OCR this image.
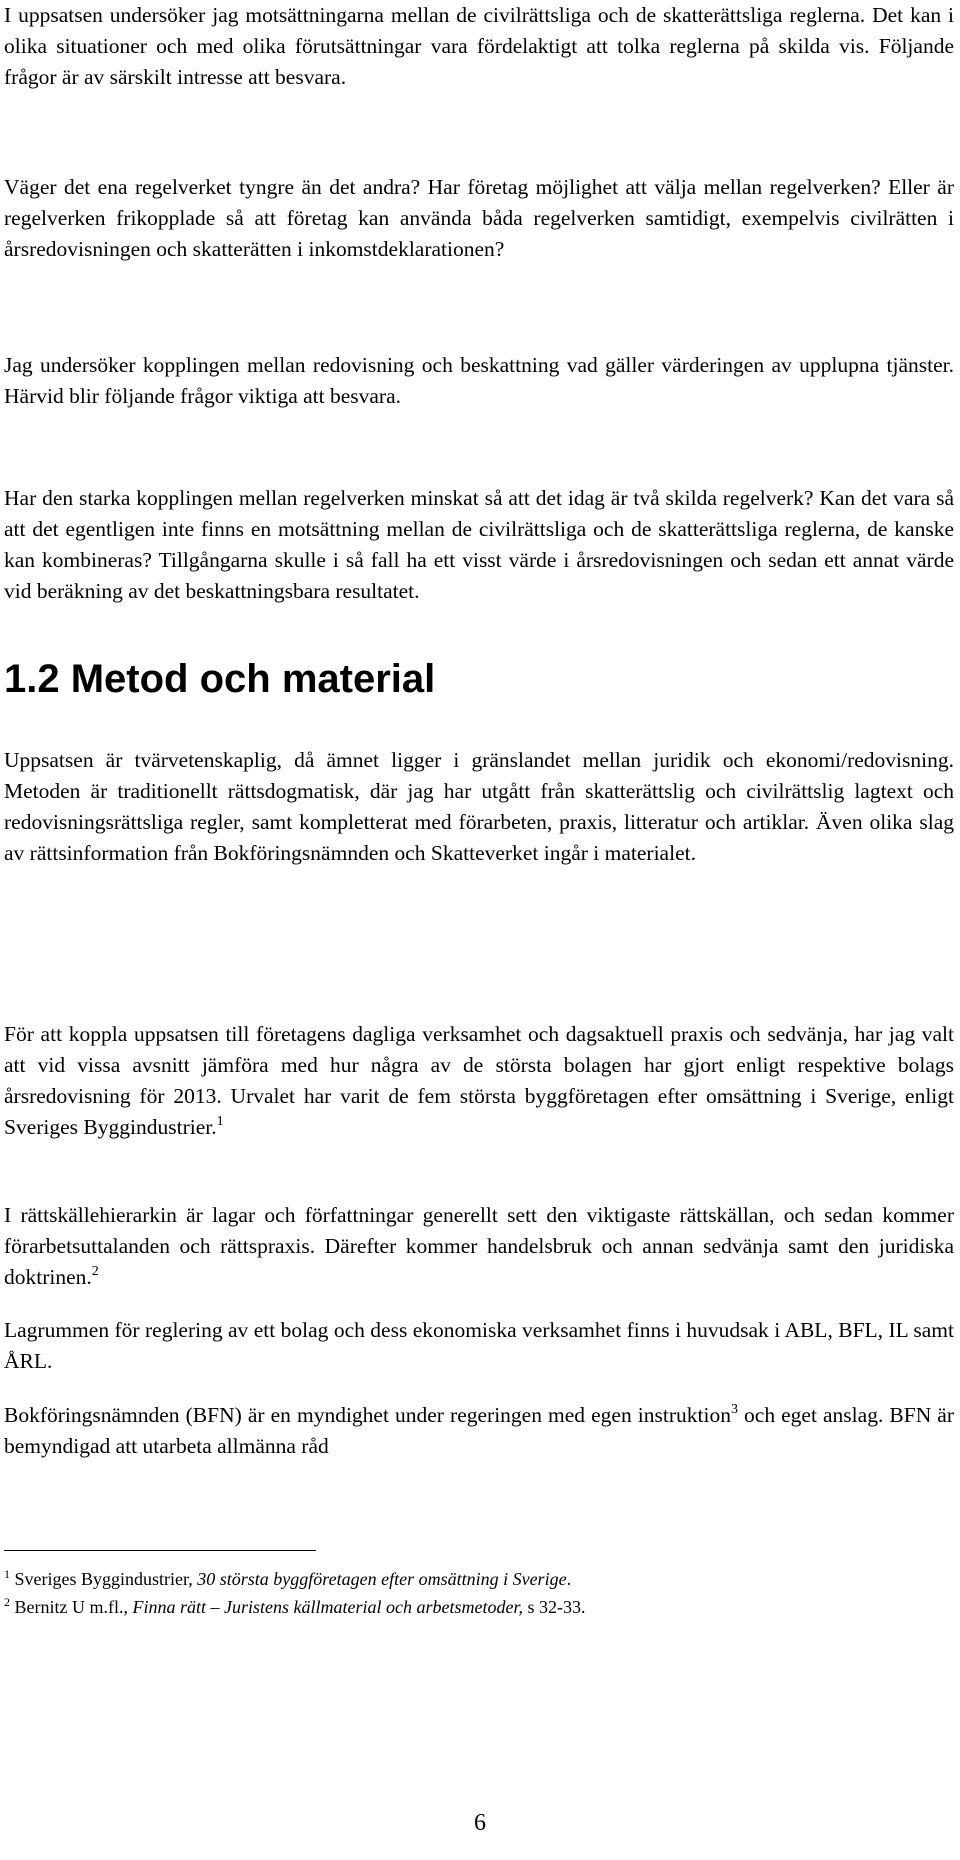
I uppsatsen undersöker jag motsättningarna mellan de civilrättsliga och de skatterättsliga reglerna. Det kan i olika situationer och med olika förutsättningar vara fördelaktigt att tolka reglerna på skilda vis. Följande frågor är av särskilt intresse att besvara.

Väger det ena regelverket tyngre än det andra? Har företag möjlighet att välja mellan regelverken? Eller är regelverken frikopplade så att företag kan använda båda regelverken samtidigt, exempelvis civilrätten i årsredovisningen och skatterätten i inkomstdeklarationen?

Jag undersöker kopplingen mellan redovisning och beskattning vad gäller värderingen av upplupna tjänster. Härvid blir följande frågor viktiga att besvara.

Har den starka kopplingen mellan regelverken minskat så att det idag är två skilda regelverk? Kan det vara så att det egentligen inte finns en motsättning mellan de civilrättsliga och de skatterättsliga reglerna, de kanske kan kombineras? Tillgångarna skulle i så fall ha ett visst värde i årsredovisningen och sedan ett annat värde vid beräkning av det beskattningsbara resultatet.

1.2 Metod och material

Uppsatsen är tvärvetenskaplig, då ämnet ligger i gränslandet mellan juridik och ekonomi/redovisning. Metoden är traditionellt rättsdogmatisk, där jag har utgått från skatterättslig och civilrättslig lagtext och redovisningsrättsliga regler, samt kompletterat med förarbeten, praxis, litteratur och artiklar. Även olika slag av rättsinformation från Bokföringsnämnden och Skatteverket ingår i materialet.

För att koppla uppsatsen till företagens dagliga verksamhet och dagsaktuell praxis och sedvänja, har jag valt att vid vissa avsnitt jämföra med hur några av de största bolagen har gjort enligt respektive bolags årsredovisning för 2013. Urvalet har varit de fem största byggföretagen efter omsättning i Sverige, enligt Sveriges Byggindustrier.$^1$

I rättskällehierarkin är lagar och författningar generellt sett den viktigaste rättskällan, och sedan kommer förarbetsuttalanden och rättspraxis. Därefter kommer handelsbruk och annan sedvänja samt den juridiska doktrinen.$^2$

Lagrummen för reglering av ett bolag och dess ekonomiska verksamhet finns i huvudsak i ABL, BFL, IL samt ÅRL.

Bokföringsnämnden (BFN) är en myndighet under regeringen med egen instruktion$^3$ och eget anslag. BFN är bemyndigad att utarbeta allmänna råd

$^1$ Sveriges Byggindustrier, 30 största byggföretagen efter omsättning i Sverige.
$^2$ Bernitz U m.fl., Finna rätt – Juristens källmaterial och arbetsmetoder, s 32-33.
6
